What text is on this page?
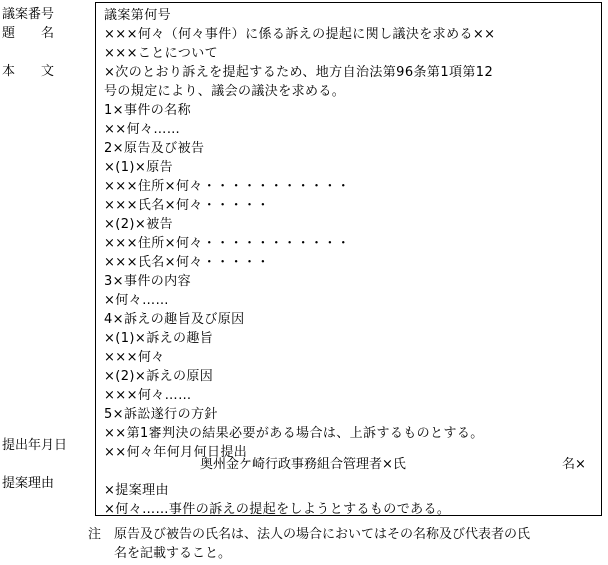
議案番号
題　　名
本　　文
提出年月日
提案理由
議案第何号
×××何々（何々事件）に係る訴えの提起に関し議決を求める××
×××ことについて
×次のとおり訴えを提起するため、地方自治法第96条第1項第12
号の規定により、議会の議決を求める。
1×事件の名称
××何々……
2×原告及び被告
×(1)×原告
×××住所×何々・・・・・・・・・・・
×××氏名×何々・・・・・
×(2)×被告
×××住所×何々・・・・・・・・・・・
×××氏名×何々・・・・・
3×事件の内容
×何々……
4×訴えの趣旨及び原因
×(1)×訴えの趣旨
×××何々
×(2)×訴えの原因
×××何々……
5×訴訟遂行の方針
××第1審判決の結果必要がある場合は、上訴するものとする。
××何々年何月何日提出
×提案理由
×何々……事件の訴えの提起をしようとするものである。
奥州金ケ崎行政事務組合管理者×氏	名×
注　原告及び被告の氏名は、法人の場合においてはその名称及び代表者の氏
名を記載すること。
